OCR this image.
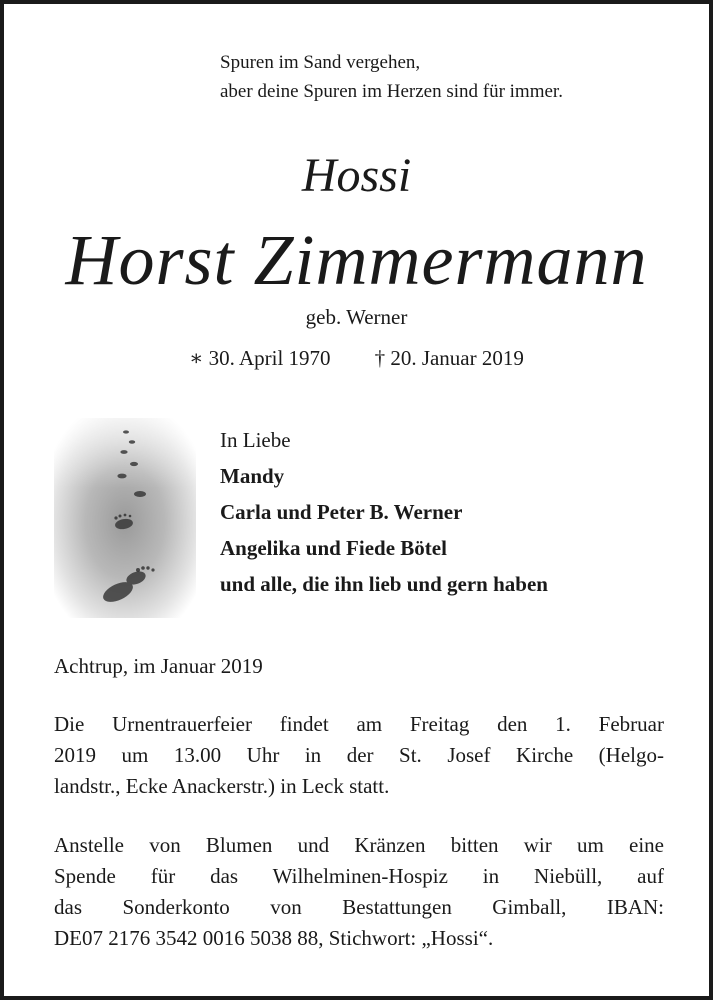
Spuren im Sand vergehen,
aber deine Spuren im Herzen sind für immer.
Hossi
Horst Zimmermann
geb. Werner
∗ 30. April 1970 † 20. Januar 2019
In Liebe
Mandy
Carla und Peter B. Werner
Angelika und Fiede Bötel
und alle, die ihn lieb und gern haben
Achtrup, im Januar 2019
Die Urnentrauerfeier findet am Freitag den 1. Februar
2019 um 13.00 Uhr in der St. Josef Kirche (Helgo-
landstr., Ecke Anackerstr.) in Leck statt.
Anstelle von Blumen und Kränzen bitten wir um eine
Spende für das Wilhelminen-Hospiz in Niebüll, auf
das Sonderkonto von Bestattungen Gimball, IBAN:
DE07 2176 3542 0016 5038 88, Stichwort: „Hossi“.
